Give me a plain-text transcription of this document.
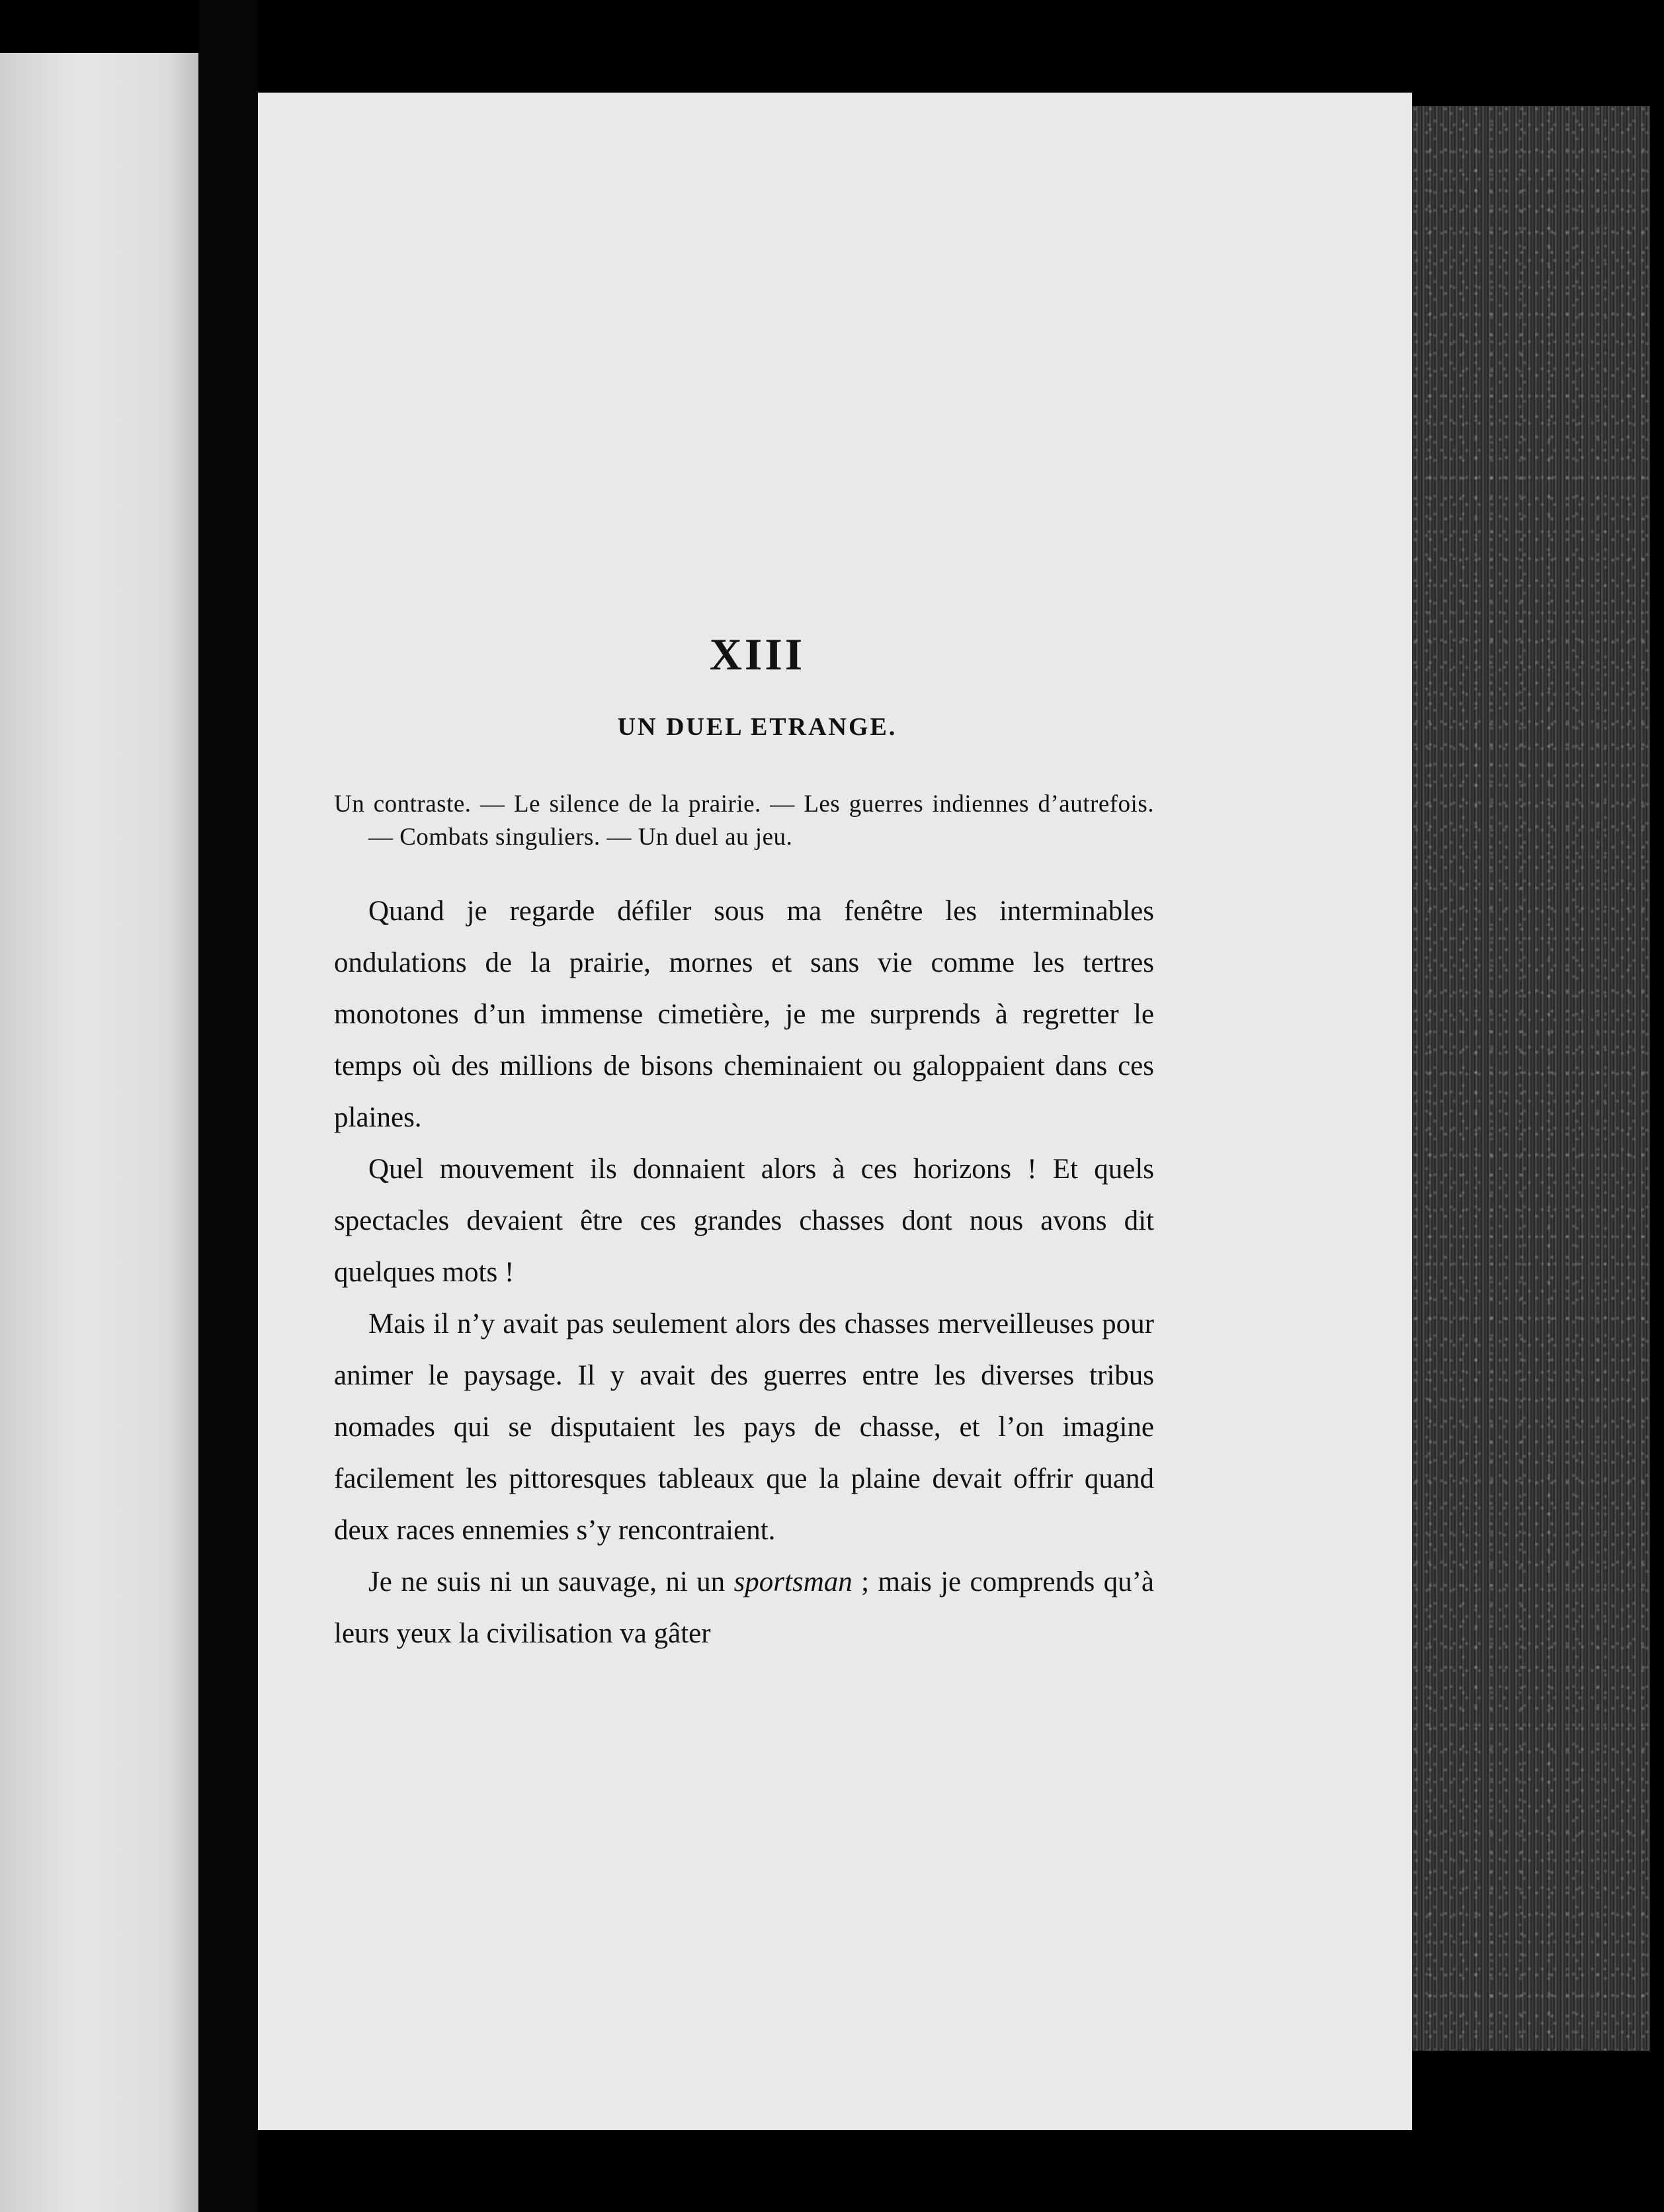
XIII
UN DUEL ETRANGE.

Un contraste. — Le silence de la prairie. — Les guerres indiennes d’autrefois. — Combats singuliers. — Un duel au jeu.

Quand je regarde défiler sous ma fenêtre les interminables ondulations de la prairie, mornes et sans vie comme les tertres monotones d’un immense cimetière, je me surprends à regretter le temps où des millions de bisons cheminaient ou galoppaient dans ces plaines.

Quel mouvement ils donnaient alors à ces horizons ! Et quels spectacles devaient être ces grandes chasses dont nous avons dit quelques mots !

Mais il n’y avait pas seulement alors des chasses merveilleuses pour animer le paysage. Il y avait des guerres entre les diverses tribus nomades qui se disputaient les pays de chasse, et l’on imagine facilement les pittoresques tableaux que la plaine devait offrir quand deux races ennemies s’y rencontraient.

Je ne suis ni un sauvage, ni un sportsman ; mais je comprends qu’à leurs yeux la civilisation va gâter
